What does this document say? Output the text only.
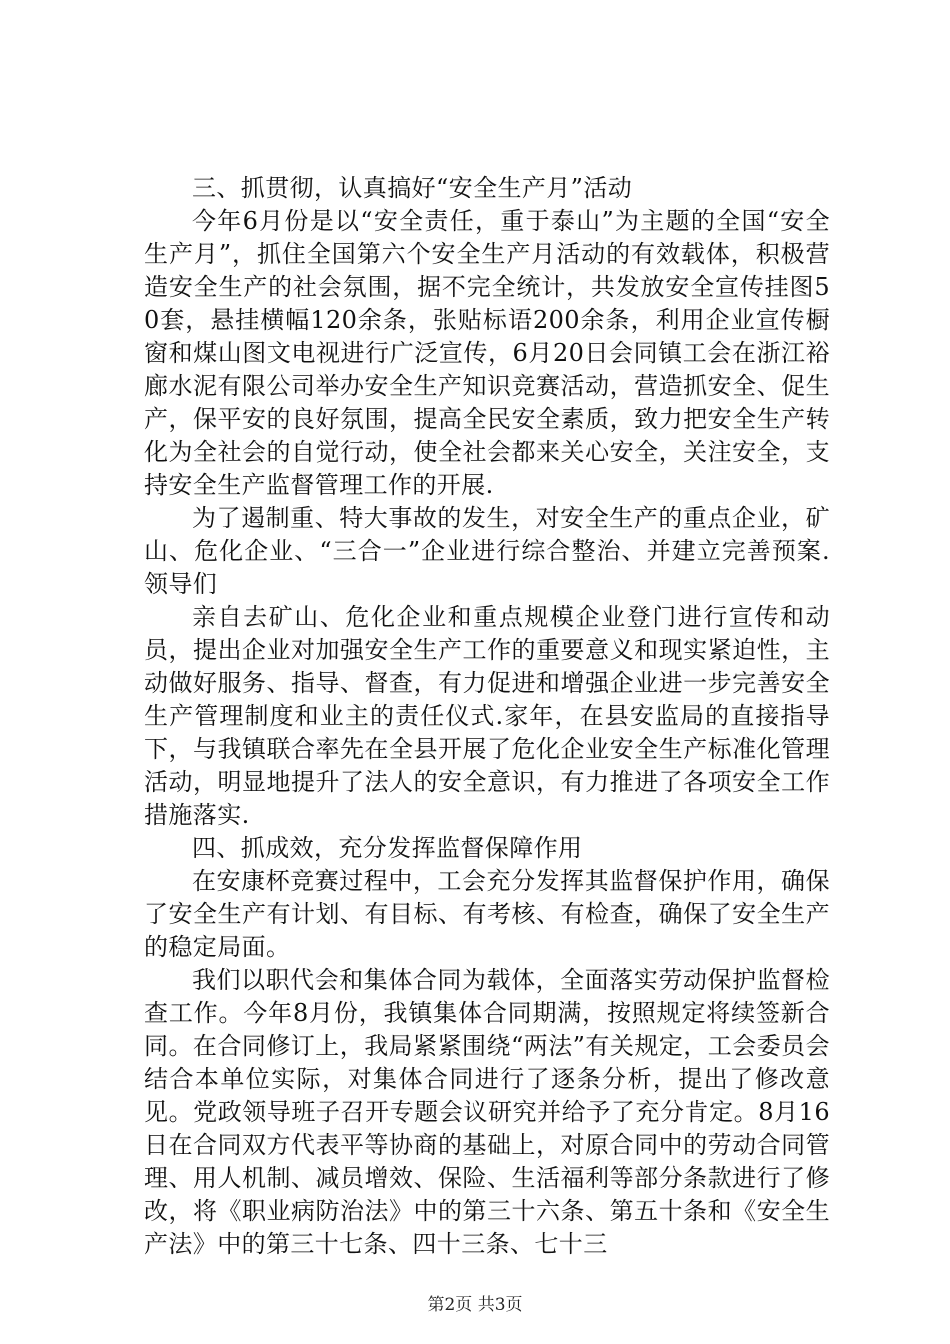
三、抓贯彻，认真搞好“安全生产月”活动

今年6月份是以“安全责任，重于泰山”为主题的全国“安全生产月”，抓住全国第六个安全生产月活动的有效载体，积极营造安全生产的社会氛围，据不完全统计，共发放安全宣传挂图50套，悬挂横幅120余条，张贴标语200余条，利用企业宣传橱窗和煤山图文电视进行广泛宣传，6月20日会同镇工会在浙江裕廊水泥有限公司举办安全生产知识竞赛活动，营造抓安全、促生产，保平安的良好氛围，提高全民安全素质，致力把安全生产转化为全社会的自觉行动，使全社会都来关心安全，关注安全，支持安全生产监督管理工作的开展.

为了遏制重、特大事故的发生，对安全生产的重点企业，矿山、危化企业、“三合一”企业进行综合整治、并建立完善预案.领导们

亲自去矿山、危化企业和重点规模企业登门进行宣传和动员，提出企业对加强安全生产工作的重要意义和现实紧迫性，主动做好服务、指导、督查，有力促进和增强企业进一步完善安全生产管理制度和业主的责任仪式.家年，在县安监局的直接指导下，与我镇联合率先在全县开展了危化企业安全生产标准化管理活动，明显地提升了法人的安全意识，有力推进了各项安全工作措施落实.

四、抓成效，充分发挥监督保障作用

在安康杯竞赛过程中，工会充分发挥其监督保护作用，确保了安全生产有计划、有目标、有考核、有检查，确保了安全生产的稳定局面。

我们以职代会和集体合同为载体，全面落实劳动保护监督检查工作。今年8月份，我镇集体合同期满，按照规定将续签新合同。在合同修订上，我局紧紧围绕“两法”有关规定，工会委员会结合本单位实际，对集体合同进行了逐条分析，提出了修改意见。党政领导班子召开专题会议研究并给予了充分肯定。8月16日在合同双方代表平等协商的基础上，对原合同中的劳动合同管理、用人机制、减员增效、保险、生活福利等部分条款进行了修改，将《职业病防治法》中的第三十六条、第五十条和《安全生产法》中的第三十七条、四十三条、七十三

第2页 共3页
